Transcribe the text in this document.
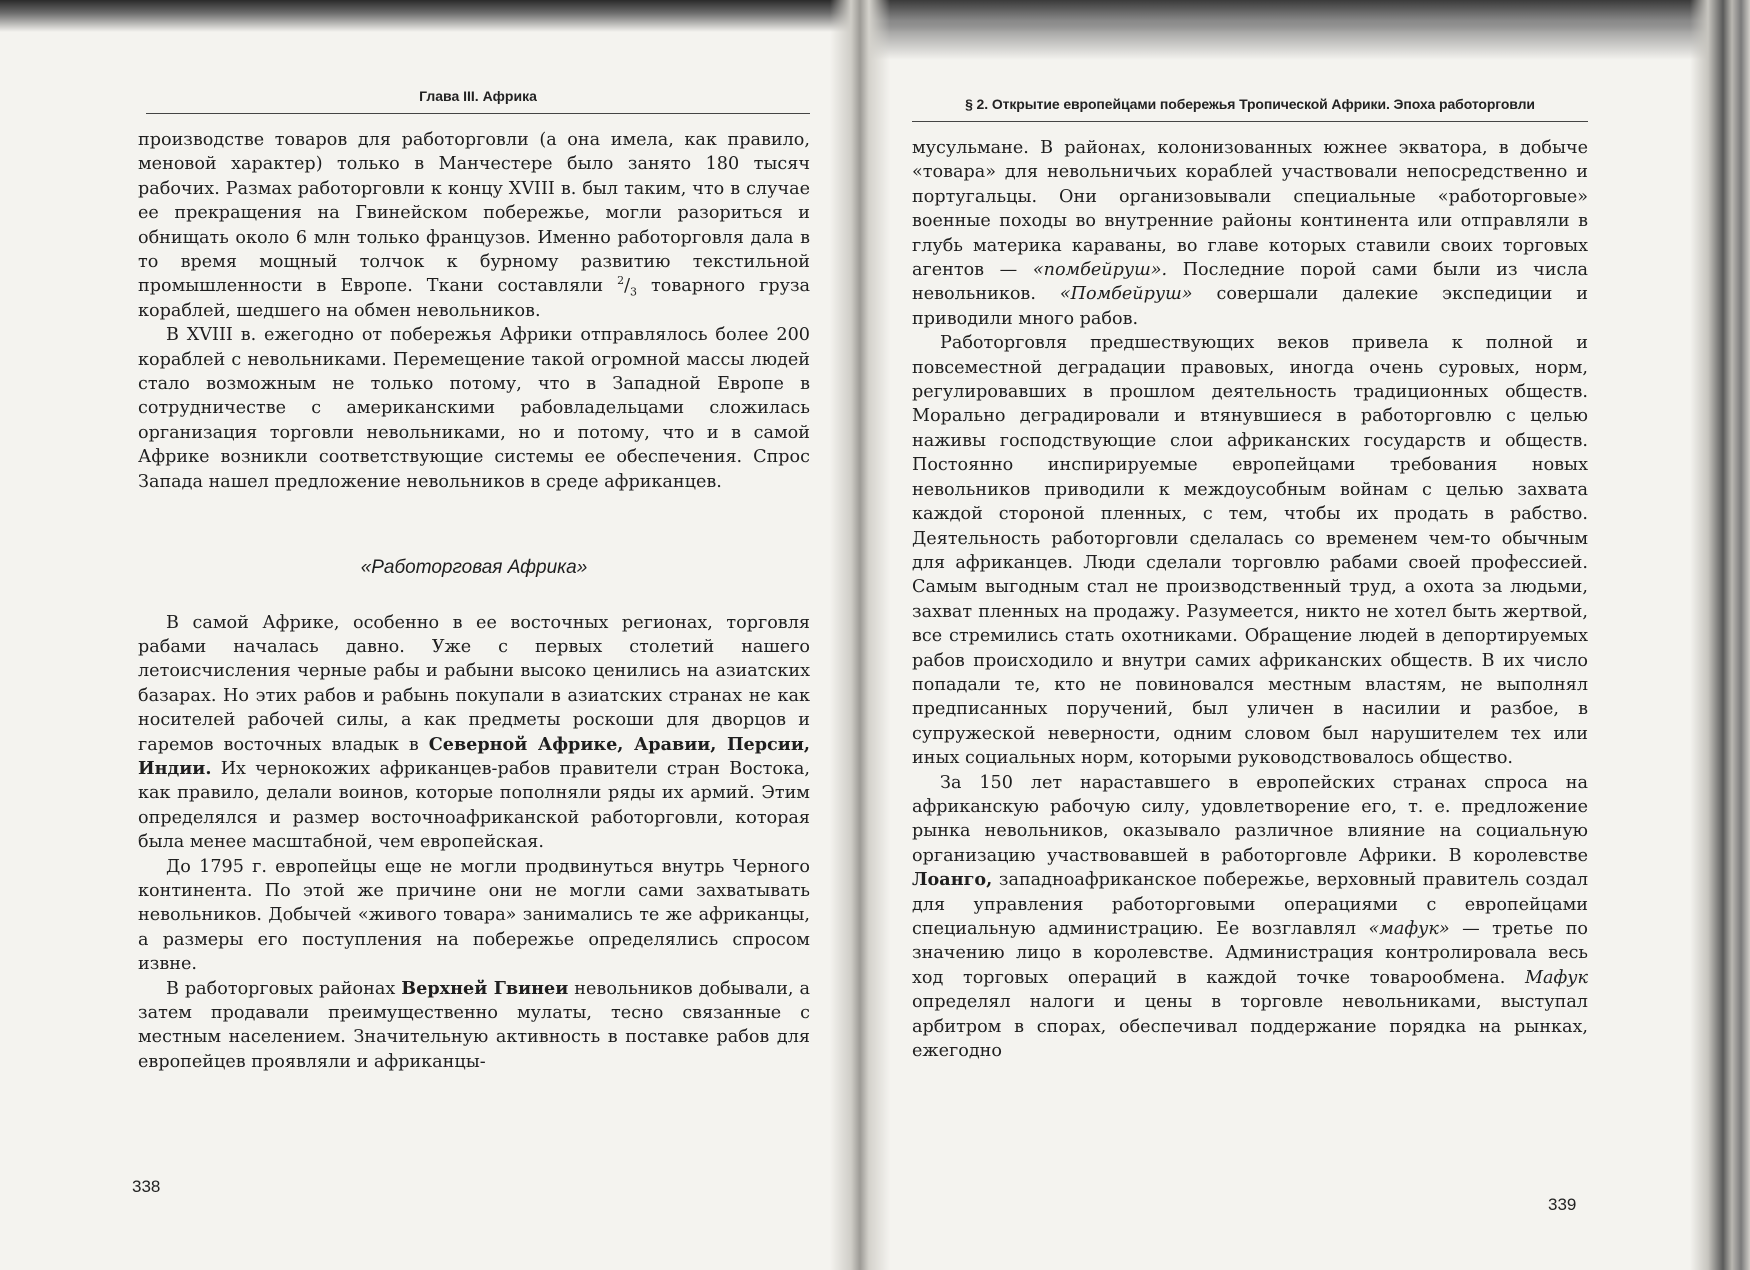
Глава III. Африка

производстве товаров для работорговли (а она имела, как правило, меновой характер) только в Манчестере было занято 180 тысяч рабочих. Размах работорговли к концу XVIII в. был таким, что в случае ее прекращения на Гвинейском побережье, могли разориться и обнищать около 6 млн только французов. Именно работорговля дала в то время мощный толчок к бурному развитию текстильной промышленности в Европе. Ткани составляли $^2/_3$ товарного груза кораблей, шедшего на обмен невольников.

В XVIII в. ежегодно от побережья Африки отправлялось более 200 кораблей с невольниками. Перемещение такой огромной массы людей стало возможным не только потому, что в Западной Европе в сотрудничестве с американскими рабовладельцами сложилась организация торговли невольниками, но и потому, что и в самой Африке возникли соответствующие системы ее обеспечения. Спрос Запада нашел предложение невольников в среде африканцев.

«Работорговая Африка»

В самой Африке, особенно в ее восточных регионах, торговля рабами началась давно. Уже с первых столетий нашего летоисчисления черные рабы и рабыни высоко ценились на азиатских базарах. Но этих рабов и рабынь покупали в азиатских странах не как носителей рабочей силы, а как предметы роскоши для дворцов и гаремов восточных владык в Северной Африке, Аравии, Персии, Индии. Их чернокожих африканцев-рабов правители стран Востока, как правило, делали воинов, которые пополняли ряды их армий. Этим определялся и размер восточноафриканской работорговли, которая была менее масштабной, чем европейская.

До 1795 г. европейцы еще не могли продвинуться внутрь Черного континента. По этой же причине они не могли сами захватывать невольников. Добычей «живого товара» занимались те же африканцы, а размеры его поступления на побережье определялись спросом извне.

В работорговых районах Верхней Гвинеи невольников добывали, а затем продавали преимущественно мулаты, тесно связанные с местным населением. Значительную активность в поставке рабов для европейцев проявляли и африканцы-

338
§ 2. Открытие европейцами побережья Тропической Африки. Эпоха работорговли

мусульмане. В районах, колонизованных южнее экватора, в добыче «товара» для невольничьих кораблей участвовали непосредственно и португальцы. Они организовывали специальные «работорговые» военные походы во внутренние районы континента или отправляли в глубь материка караваны, во главе которых ставили своих торговых агентов — «помбейруш». Последние порой сами были из числа невольников. «Помбейруш» совершали далекие экспедиции и приводили много рабов.

Работорговля предшествующих веков привела к полной и повсеместной деградации правовых, иногда очень суровых, норм, регулировавших в прошлом деятельность традиционных обществ. Морально деградировали и втянувшиеся в работорговлю с целью наживы господствующие слои африканских государств и обществ. Постоянно инспирируемые европейцами требования новых невольников приводили к междоусобным войнам с целью захвата каждой стороной пленных, с тем, чтобы их продать в рабство. Деятельность работорговли сделалась со временем чем-то обычным для африканцев. Люди сделали торговлю рабами своей профессией. Самым выгодным стал не производственный труд, а охота за людьми, захват пленных на продажу. Разумеется, никто не хотел быть жертвой, все стремились стать охотниками. Обращение людей в депортируемых рабов происходило и внутри самих африканских обществ. В их число попадали те, кто не повиновался местным властям, не выполнял предписанных поручений, был уличен в насилии и разбое, в супружеской неверности, одним словом был нарушителем тех или иных социальных норм, которыми руководствовалось общество.

За 150 лет нараставшего в европейских странах спроса на африканскую рабочую силу, удовлетворение его, т. е. предложение рынка невольников, оказывало различное влияние на социальную организацию участвовавшей в работорговле Африки. В королевстве Лоанго, западноафриканское побережье, верховный правитель создал для управления работорговыми операциями с европейцами специальную администрацию. Ее возглавлял «мафук» — третье по значению лицо в королевстве. Администрация контролировала весь ход торговых операций в каждой точке товарообмена. Мафук определял налоги и цены в торговле невольниками, выступал арбитром в спорах, обеспечивал поддержание порядка на рынках, ежегодно

339
